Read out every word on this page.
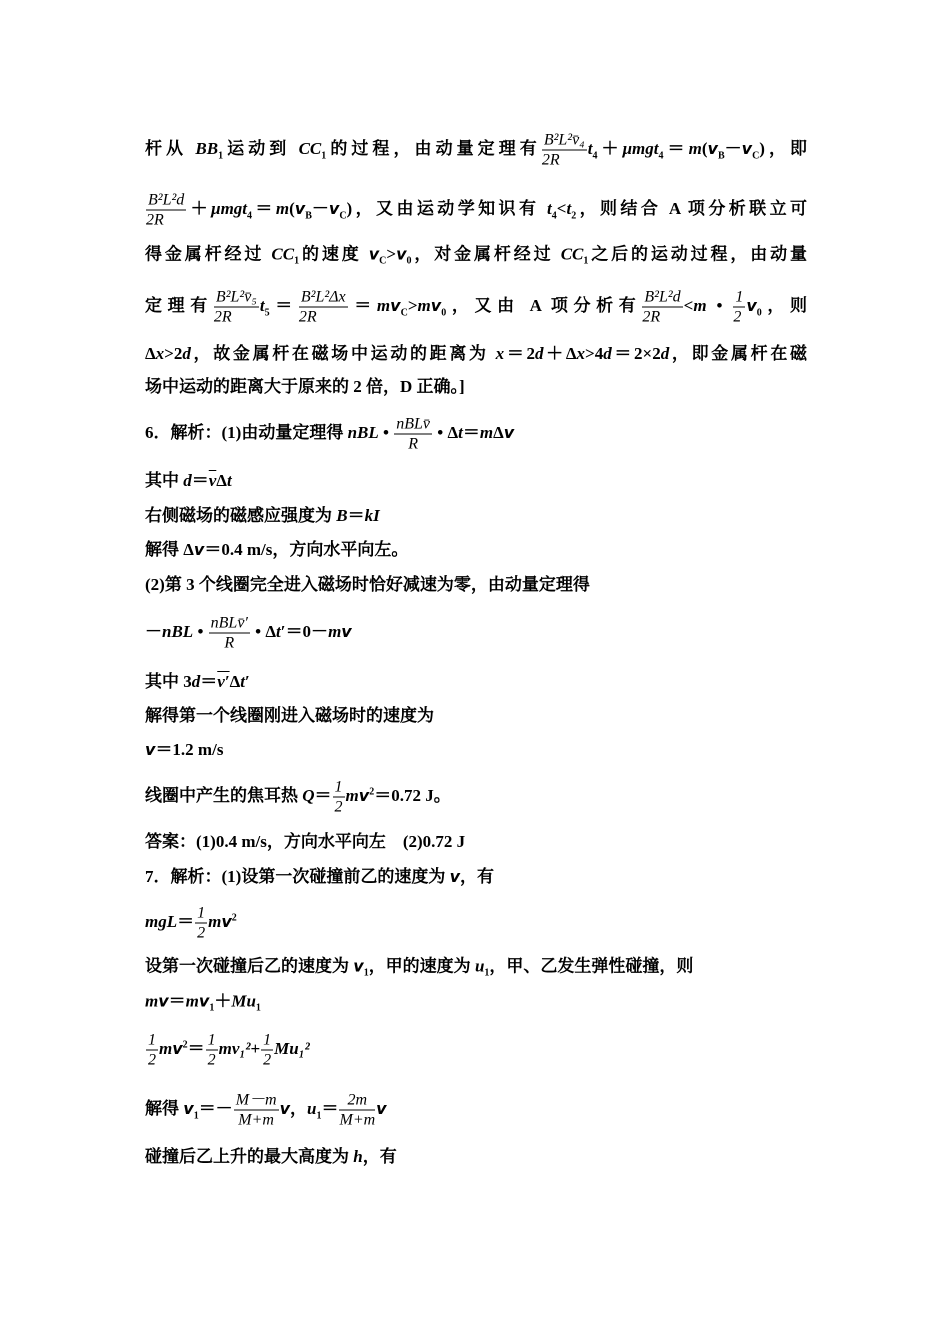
杆从 $BB_1$运动到 $CC_1$的过程，由动量定理有 $\frac{\text{B²L²v̄₄}}{2R} t_4+\mu mgt_4=m(v_B-v_C)$，即
$\frac{\text{B²L²d}}{2R} +\mu mgt_4=m(v_B-v_C)$，又由运动学知识有 $t_4<t_2$，则结合 A 项分析联立可
得金属杆经过 $CC_1$的速度 $v_C>v_0$，对金属杆经过 $CC_1$之后的运动过程，由动量
定理有 $\frac{\text{B²L²v̄₅}}{2R} t_5= \frac{\text{B²L²Δx}}{2R} =mv_C>mv_0$，又由 A 项分析有 $\frac{\text{B²L²d}}{2R} <m$ • $\frac{1}{2} v_0$，则
Δx>2d，故金属杆在磁场中运动的距离为 x＝2d＋Δx>4d＝2×2d，即金属杆在磁
场中运动的距离大于原来的 2 倍，D 正确。]
6．解析：(1)由动量定理得 nBL • $\frac{\text{nBLv̄}}{R}$ • Δt＝mΔv
其中 $d=\overline{v}\Delta t$
右侧磁场的磁感应强度为 B＝kI
解得 Δv＝0.4 m/s，方向水平向左。
(2)第 3 个线圈完全进入磁场时恰好减速为零，由动量定理得
－nBL • $\frac{\text{nBLv̄′}}{R}$ • Δt′＝0－mv
其中 3d＝v′Δt′
解得第一个线圈刚进入磁场时的速度为
v＝1.2 m/s
线圈中产生的焦耳热 $Q= \frac{1}{2} mv^2=0.72$ J。
答案：(1)0.4 m/s，方向水平向左　(2)0.72 J
7．解析：(1)设第一次碰撞前乙的速度为 v，有
$mgL= \frac{1}{2} mv^2$
设第一次碰撞后乙的速度为 $v_1$，甲的速度为 $u_1$，甲、乙发生弹性碰撞，则
$mv=mv_1+Mu_1$
$\frac{1}{2} mv^2= \frac{1}{2} mv_1^2+ \frac{1}{2} Mu_1^2$
解得 $v_1=- \frac{M-m}{M+m}$ v，$u_1= \frac{2m}{M+m}$ v
碰撞后乙上升的最大高度为 h，有
